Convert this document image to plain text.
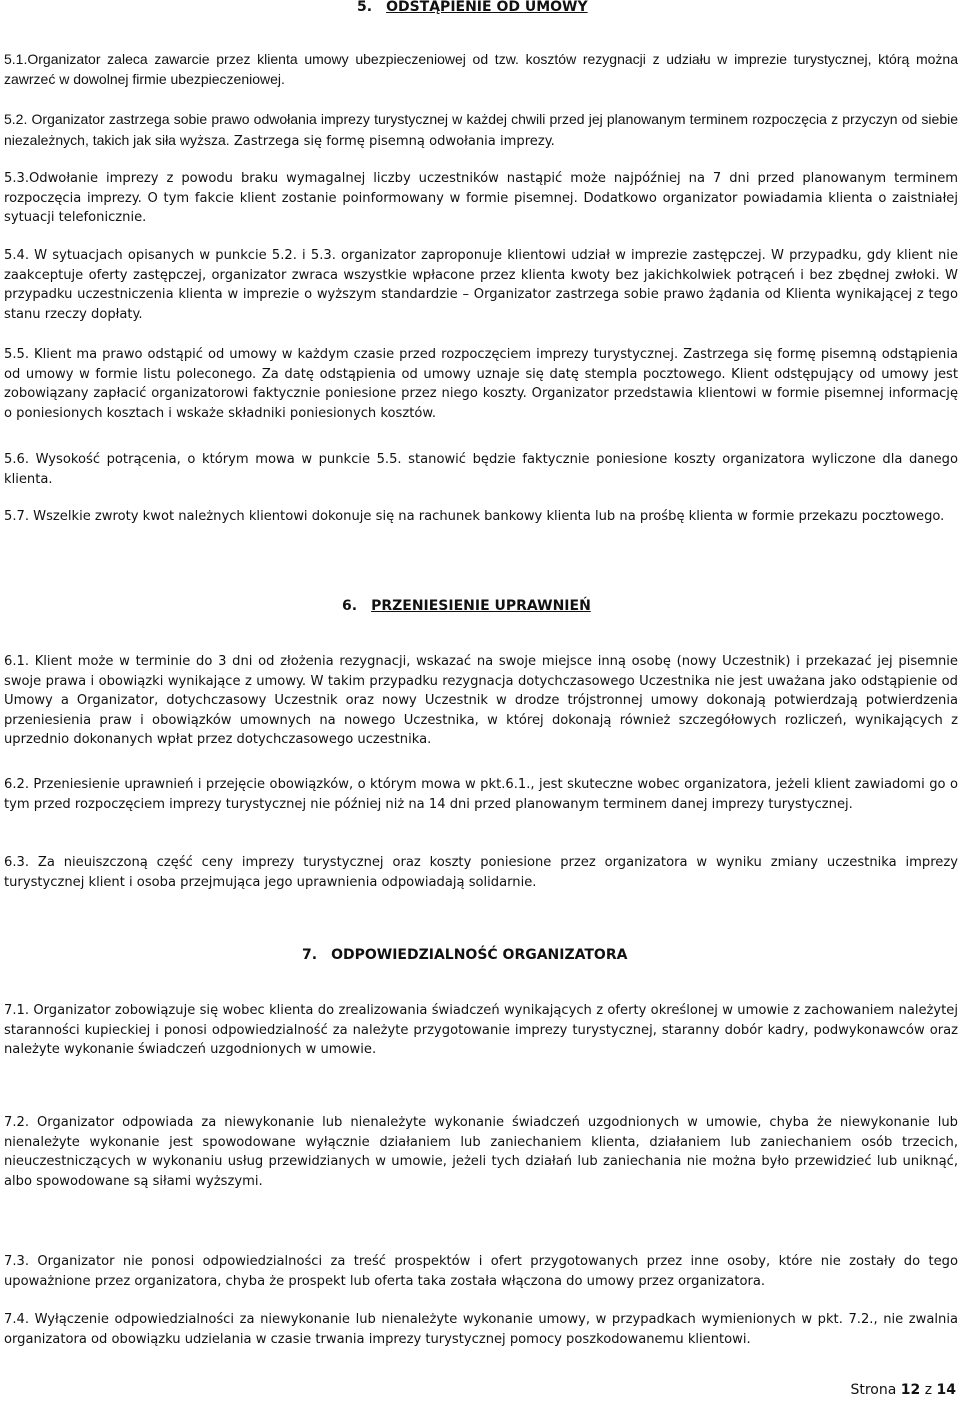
5. ODSTĄPIENIE OD UMOWY

5.1.Organizator zaleca zawarcie przez klienta umowy ubezpieczeniowej od tzw. kosztów rezygnacji z udziału w imprezie turystycznej, którą można zawrzeć w dowolnej firmie ubezpieczeniowej.

5.2. Organizator zastrzega sobie prawo odwołania imprezy turystycznej w każdej chwili przed jej planowanym terminem rozpoczęcia z przyczyn od siebie niezależnych, takich jak siła wyższa. Zastrzega się formę pisemną odwołania imprezy.

5.3.Odwołanie imprezy z powodu braku wymagalnej liczby uczestników nastąpić może najpóźniej na 7 dni przed planowanym terminem rozpoczęcia imprezy. O tym fakcie klient zostanie poinformowany w formie pisemnej. Dodatkowo organizator powiadamia klienta o zaistniałej sytuacji telefonicznie.

5.4. W sytuacjach opisanych w punkcie 5.2. i 5.3. organizator zaproponuje klientowi udział w imprezie zastępczej. W przypadku, gdy klient nie zaakceptuje oferty zastępczej, organizator zwraca wszystkie wpłacone przez klienta kwoty bez jakichkolwiek potrąceń i bez zbędnej zwłoki. W przypadku uczestniczenia klienta w imprezie o wyższym standardzie – Organizator zastrzega sobie prawo żądania od Klienta wynikającej z tego stanu rzeczy dopłaty.

5.5. Klient ma prawo odstąpić od umowy w każdym czasie przed rozpoczęciem imprezy turystycznej. Zastrzega się formę pisemną odstąpienia od umowy w formie listu poleconego. Za datę odstąpienia od umowy uznaje się datę stempla pocztowego. Klient odstępujący od umowy jest zobowiązany zapłacić organizatorowi faktycznie poniesione przez niego koszty. Organizator przedstawia klientowi w formie pisemnej informację o poniesionych kosztach i wskaże składniki poniesionych kosztów.

5.6. Wysokość potrącenia, o którym mowa w punkcie 5.5. stanowić będzie faktycznie poniesione koszty organizatora wyliczone dla danego klienta.

5.7. Wszelkie zwroty kwot należnych klientowi dokonuje się na rachunek bankowy klienta lub na prośbę klienta w formie przekazu pocztowego.

6. PRZENIESIENIE UPRAWNIEŃ

6.1. Klient może w terminie do 3 dni od złożenia rezygnacji, wskazać na swoje miejsce inną osobę (nowy Uczestnik) i przekazać jej pisemnie swoje prawa i obowiązki wynikające z umowy. W takim przypadku rezygnacja dotychczasowego Uczestnika nie jest uważana jako odstąpienie od Umowy a Organizator, dotychczasowy Uczestnik oraz nowy Uczestnik w drodze trójstronnej umowy dokonają potwierdzają potwierdzenia przeniesienia praw i obowiązków umownych na nowego Uczestnika, w której dokonają również szczegółowych rozliczeń, wynikających z uprzednio dokonanych wpłat przez dotychczasowego uczestnika.

6.2. Przeniesienie uprawnień i przejęcie obowiązków, o którym mowa w pkt.6.1., jest skuteczne wobec organizatora, jeżeli klient zawiadomi go o tym przed rozpoczęciem imprezy turystycznej nie później niż na 14 dni przed planowanym terminem danej imprezy turystycznej.

6.3. Za nieuiszczoną część ceny imprezy turystycznej oraz koszty poniesione przez organizatora w wyniku zmiany uczestnika imprezy turystycznej klient i osoba przejmująca jego uprawnienia odpowiadają solidarnie.

7. ODPOWIEDZIALNOŚĆ ORGANIZATORA

7.1. Organizator zobowiązuje się wobec klienta do zrealizowania świadczeń wynikających z oferty określonej w umowie z zachowaniem należytej staranności kupieckiej i ponosi odpowiedzialność za należyte przygotowanie imprezy turystycznej, staranny dobór kadry, podwykonawców oraz należyte wykonanie świadczeń uzgodnionych w umowie.

7.2. Organizator odpowiada za niewykonanie lub nienależyte wykonanie świadczeń uzgodnionych w umowie, chyba że niewykonanie lub nienależyte wykonanie jest spowodowane wyłącznie działaniem lub zaniechaniem klienta, działaniem lub zaniechaniem osób trzecich, nieuczestniczących w wykonaniu usług przewidzianych w umowie, jeżeli tych działań lub zaniechania nie można było przewidzieć lub uniknąć, albo spowodowane są siłami wyższymi.

7.3. Organizator nie ponosi odpowiedzialności za treść prospektów i ofert przygotowanych przez inne osoby, które nie zostały do tego upoważnione przez organizatora, chyba że prospekt lub oferta taka została włączona do umowy przez organizatora.

7.4. Wyłączenie odpowiedzialności za niewykonanie lub nienależyte wykonanie umowy, w przypadkach wymienionych w pkt. 7.2., nie zwalnia organizatora od obowiązku udzielania w czasie trwania imprezy turystycznej pomocy poszkodowanemu klientowi.

Strona 12 z 14
